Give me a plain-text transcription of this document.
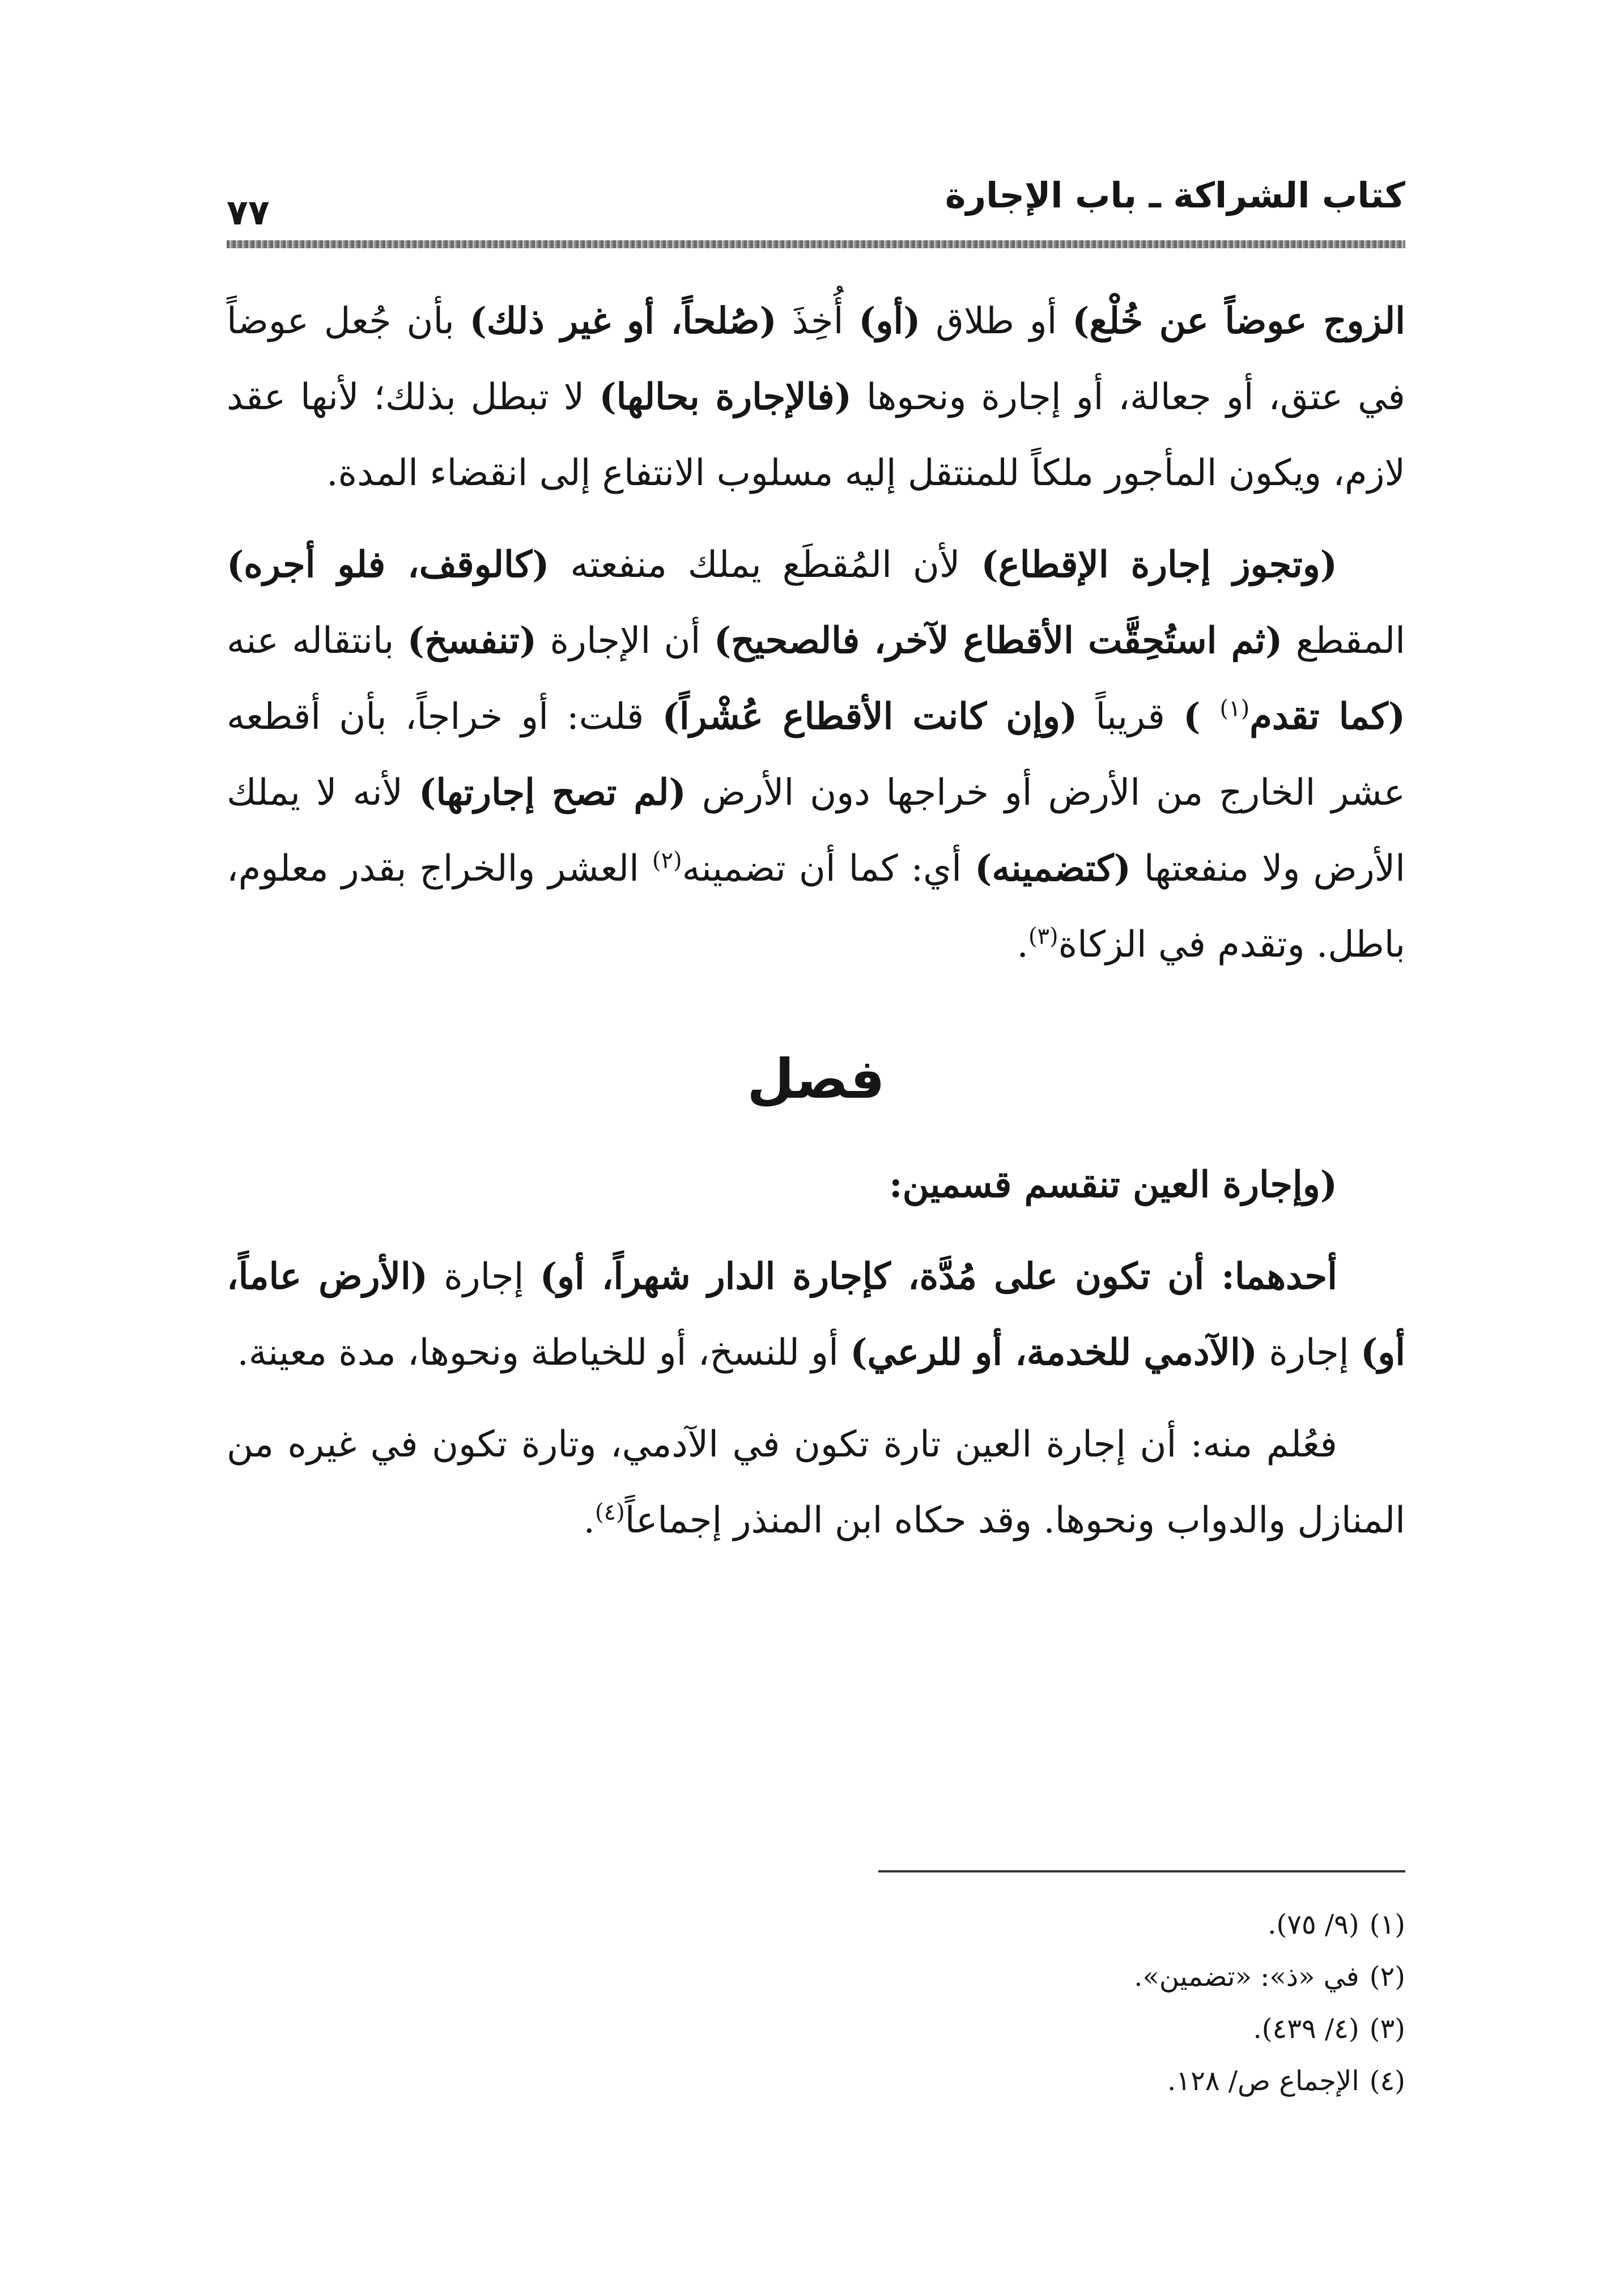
كتاب الشراكة ـ باب الإجارة
٧٧

الزوج عوضاً عن خُلْع) أو طلاق (أو) أُخِذَ (صُلحاً، أو غير ذلك) بأن جُعل عوضاً في عتق، أو جعالة، أو إجارة ونحوها (فالإجارة بحالها) لا تبطل بذلك؛ لأنها عقد لازم، ويكون المأجور ملكاً للمنتقل إليه مسلوب الانتفاع إلى انقضاء المدة.

(وتجوز إجارة الإقطاع) لأن المُقطَع يملك منفعته (كالوقف، فلو أجره) المقطع (ثم استُحِقَّت الأقطاع لآخر، فالصحيح) أن الإجارة (تنفسخ) بانتقاله عنه (كما تقدم$^{(١)}$ ) قريباً (وإن كانت الأقطاع عُشْراً) قلت: أو خراجاً، بأن أقطعه عشر الخارج من الأرض أو خراجها دون الأرض (لم تصح إجارتها) لأنه لا يملك الأرض ولا منفعتها (كتضمينه) أي: كما أن تضمينه$^{(٢)}$ العشر والخراج بقدر معلوم، باطل. وتقدم في الزكاة$^{(٣)}$.

فصل

(وإجارة العين تنقسم قسمين:

أحدهما: أن تكون على مُدَّة، كإجارة الدار شهراً، أو) إجارة (الأرض عاماً، أو) إجارة (الآدمي للخدمة، أو للرعي) أو للنسخ، أو للخياطة ونحوها، مدة معينة.

فعُلم منه: أن إجارة العين تارة تكون في الآدمي، وتارة تكون في غيره من المنازل والدواب ونحوها. وقد حكاه ابن المنذر إجماعاً$^{(٤)}$.

(١)(٩/ ٧٥).
(٢)في «ذ»: «تضمين».
(٣)(٤/ ٤٣٩).
(٤)الإجماع ص/ ١٢٨.
